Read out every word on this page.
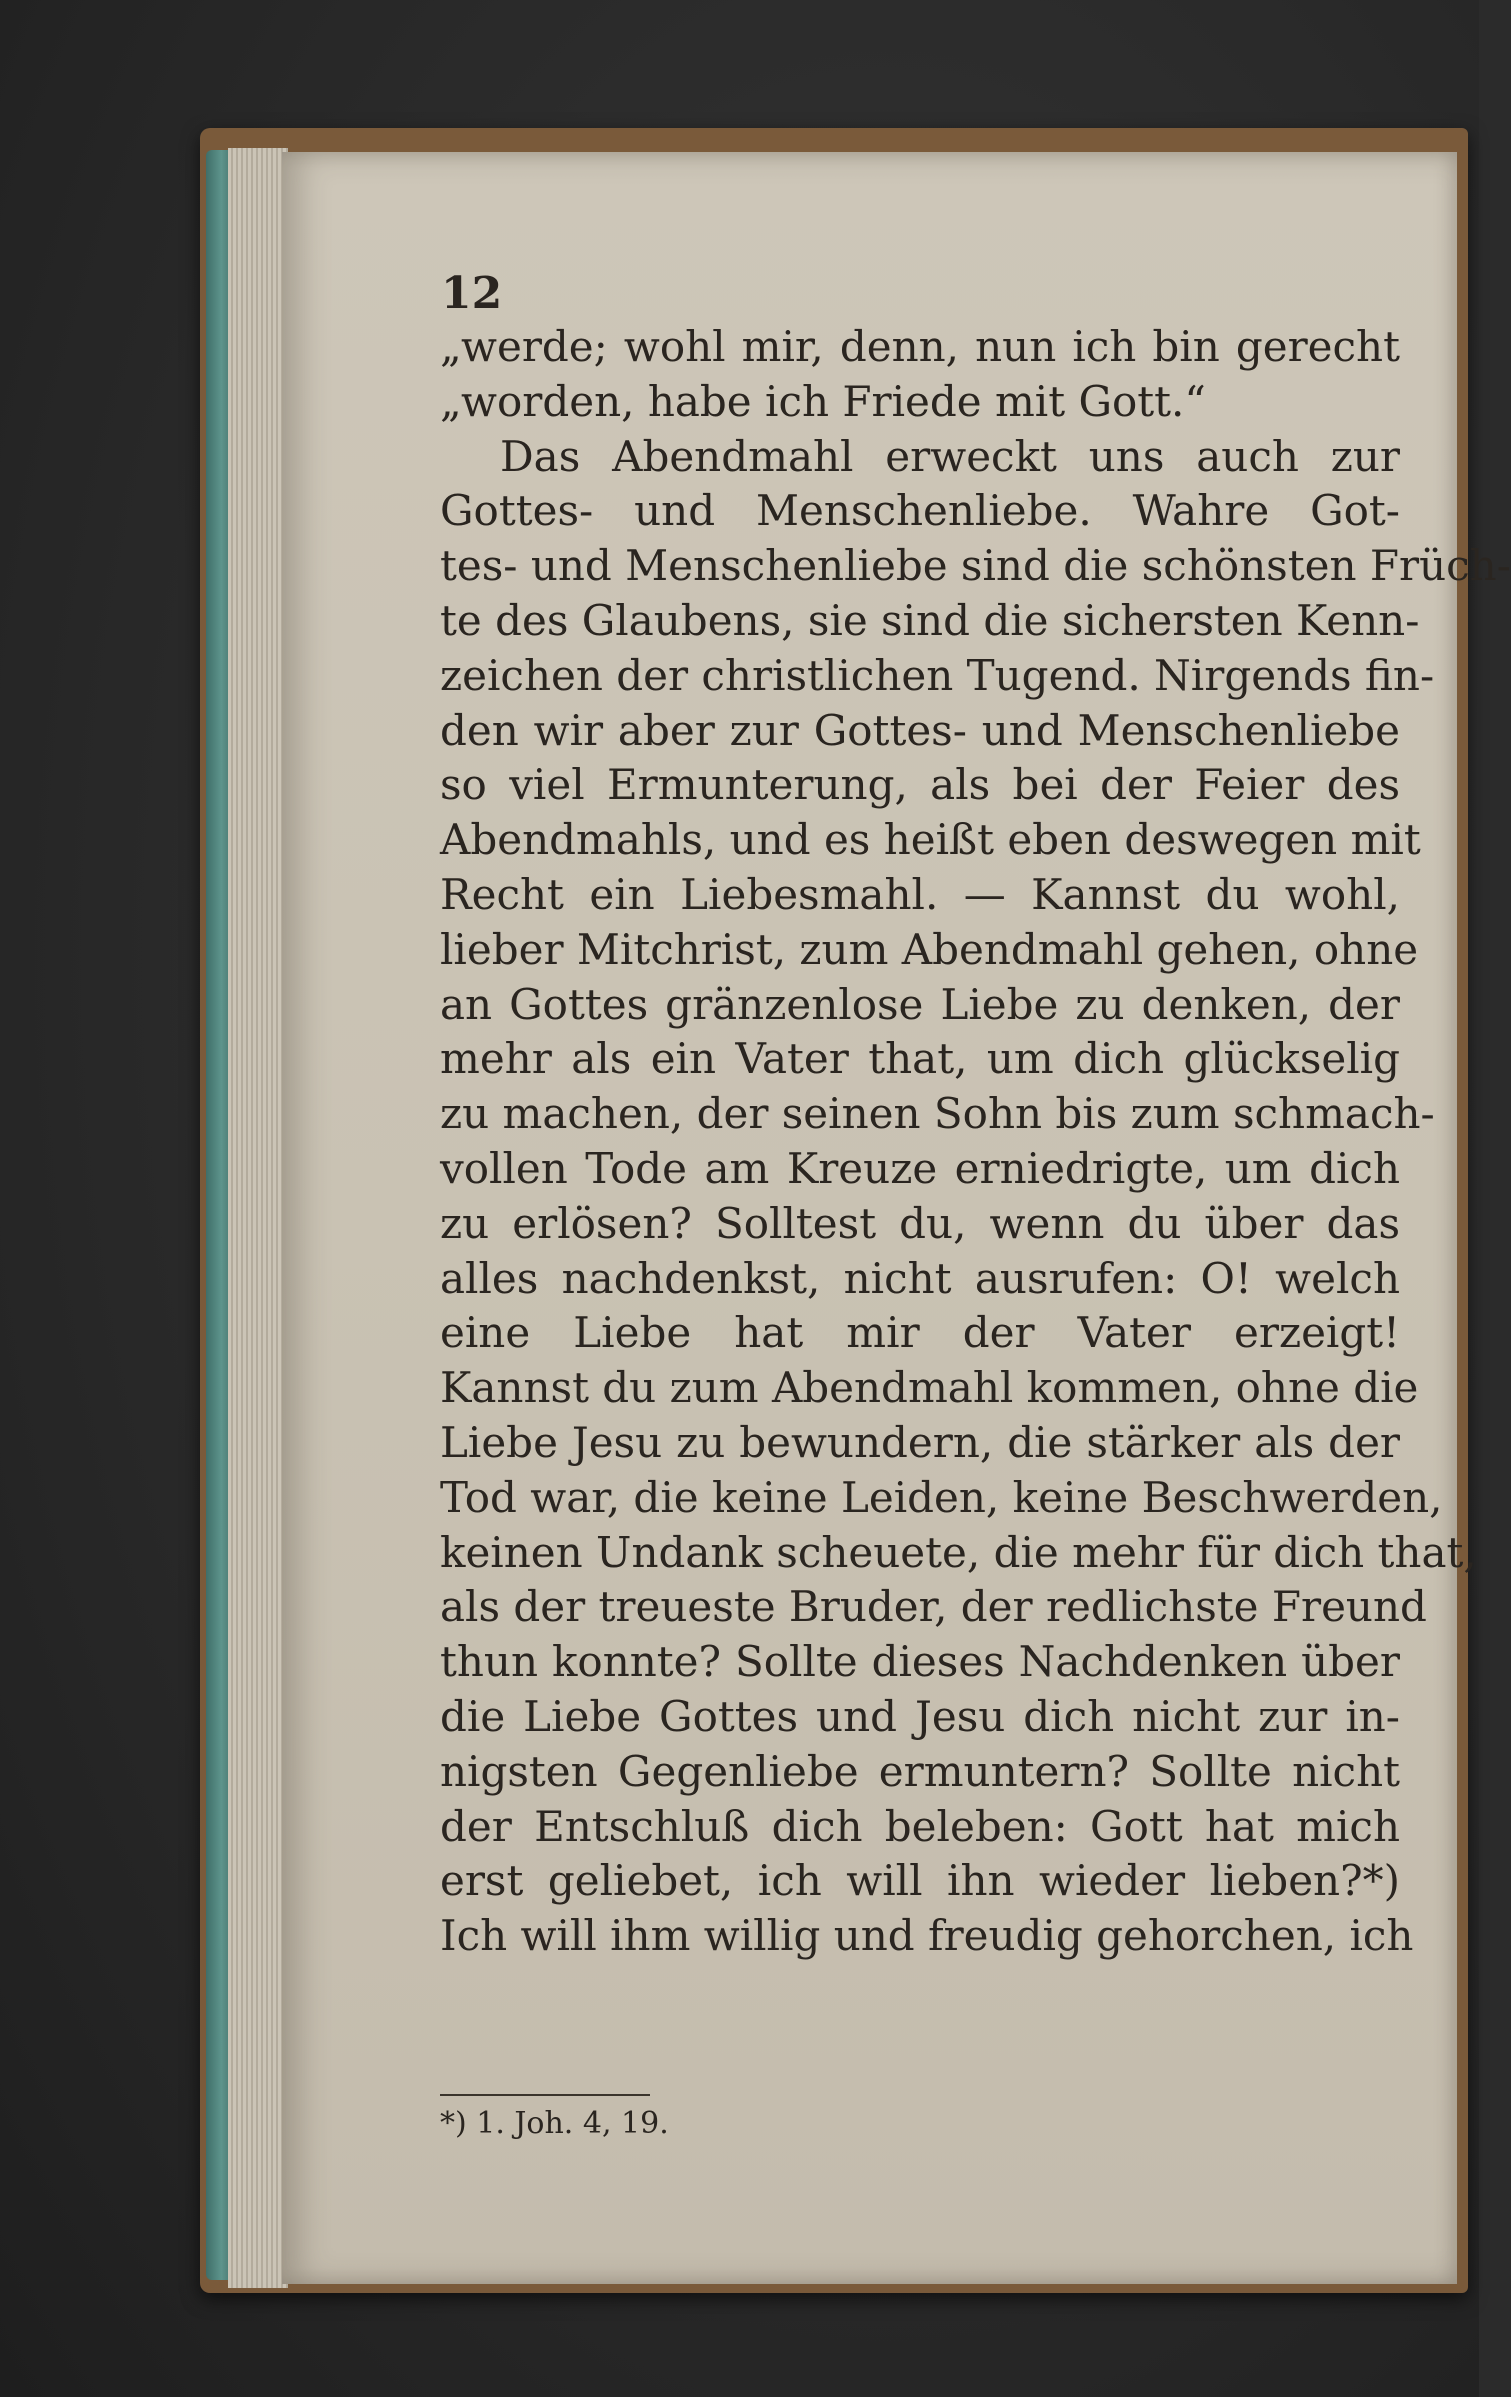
12
„werde; wohl mir, denn, nun ich bin gerecht
„worden, habe ich Friede mit Gott.“
Das Abendmahl erweckt uns auch zur
Gottes- und Menschenliebe. Wahre Got-
tes- und Menschenliebe sind die schönsten Früch-
te des Glaubens, sie sind die sichersten Kenn-
zeichen der christlichen Tugend. Nirgends fin-
den wir aber zur Gottes- und Menschenliebe
so viel Ermunterung, als bei der Feier des
Abendmahls, und es heißt eben deswegen mit
Recht ein Liebesmahl. — Kannst du wohl,
lieber Mitchrist, zum Abendmahl gehen, ohne
an Gottes gränzenlose Liebe zu denken, der
mehr als ein Vater that, um dich glückselig
zu machen, der seinen Sohn bis zum schmach-
vollen Tode am Kreuze erniedrigte, um dich
zu erlösen? Solltest du, wenn du über das
alles nachdenkst, nicht ausrufen: O! welch
eine Liebe hat mir der Vater erzeigt!
Kannst du zum Abendmahl kommen, ohne die
Liebe Jesu zu bewundern, die stärker als der
Tod war, die keine Leiden, keine Beschwerden,
keinen Undank scheuete, die mehr für dich that,
als der treueste Bruder, der redlichste Freund
thun konnte? Sollte dieses Nachdenken über
die Liebe Gottes und Jesu dich nicht zur in-
nigsten Gegenliebe ermuntern? Sollte nicht
der Entschluß dich beleben: Gott hat mich
erst geliebet, ich will ihn wieder lieben?*)
Ich will ihm willig und freudig gehorchen, ich
*) 1. Joh. 4, 19.
